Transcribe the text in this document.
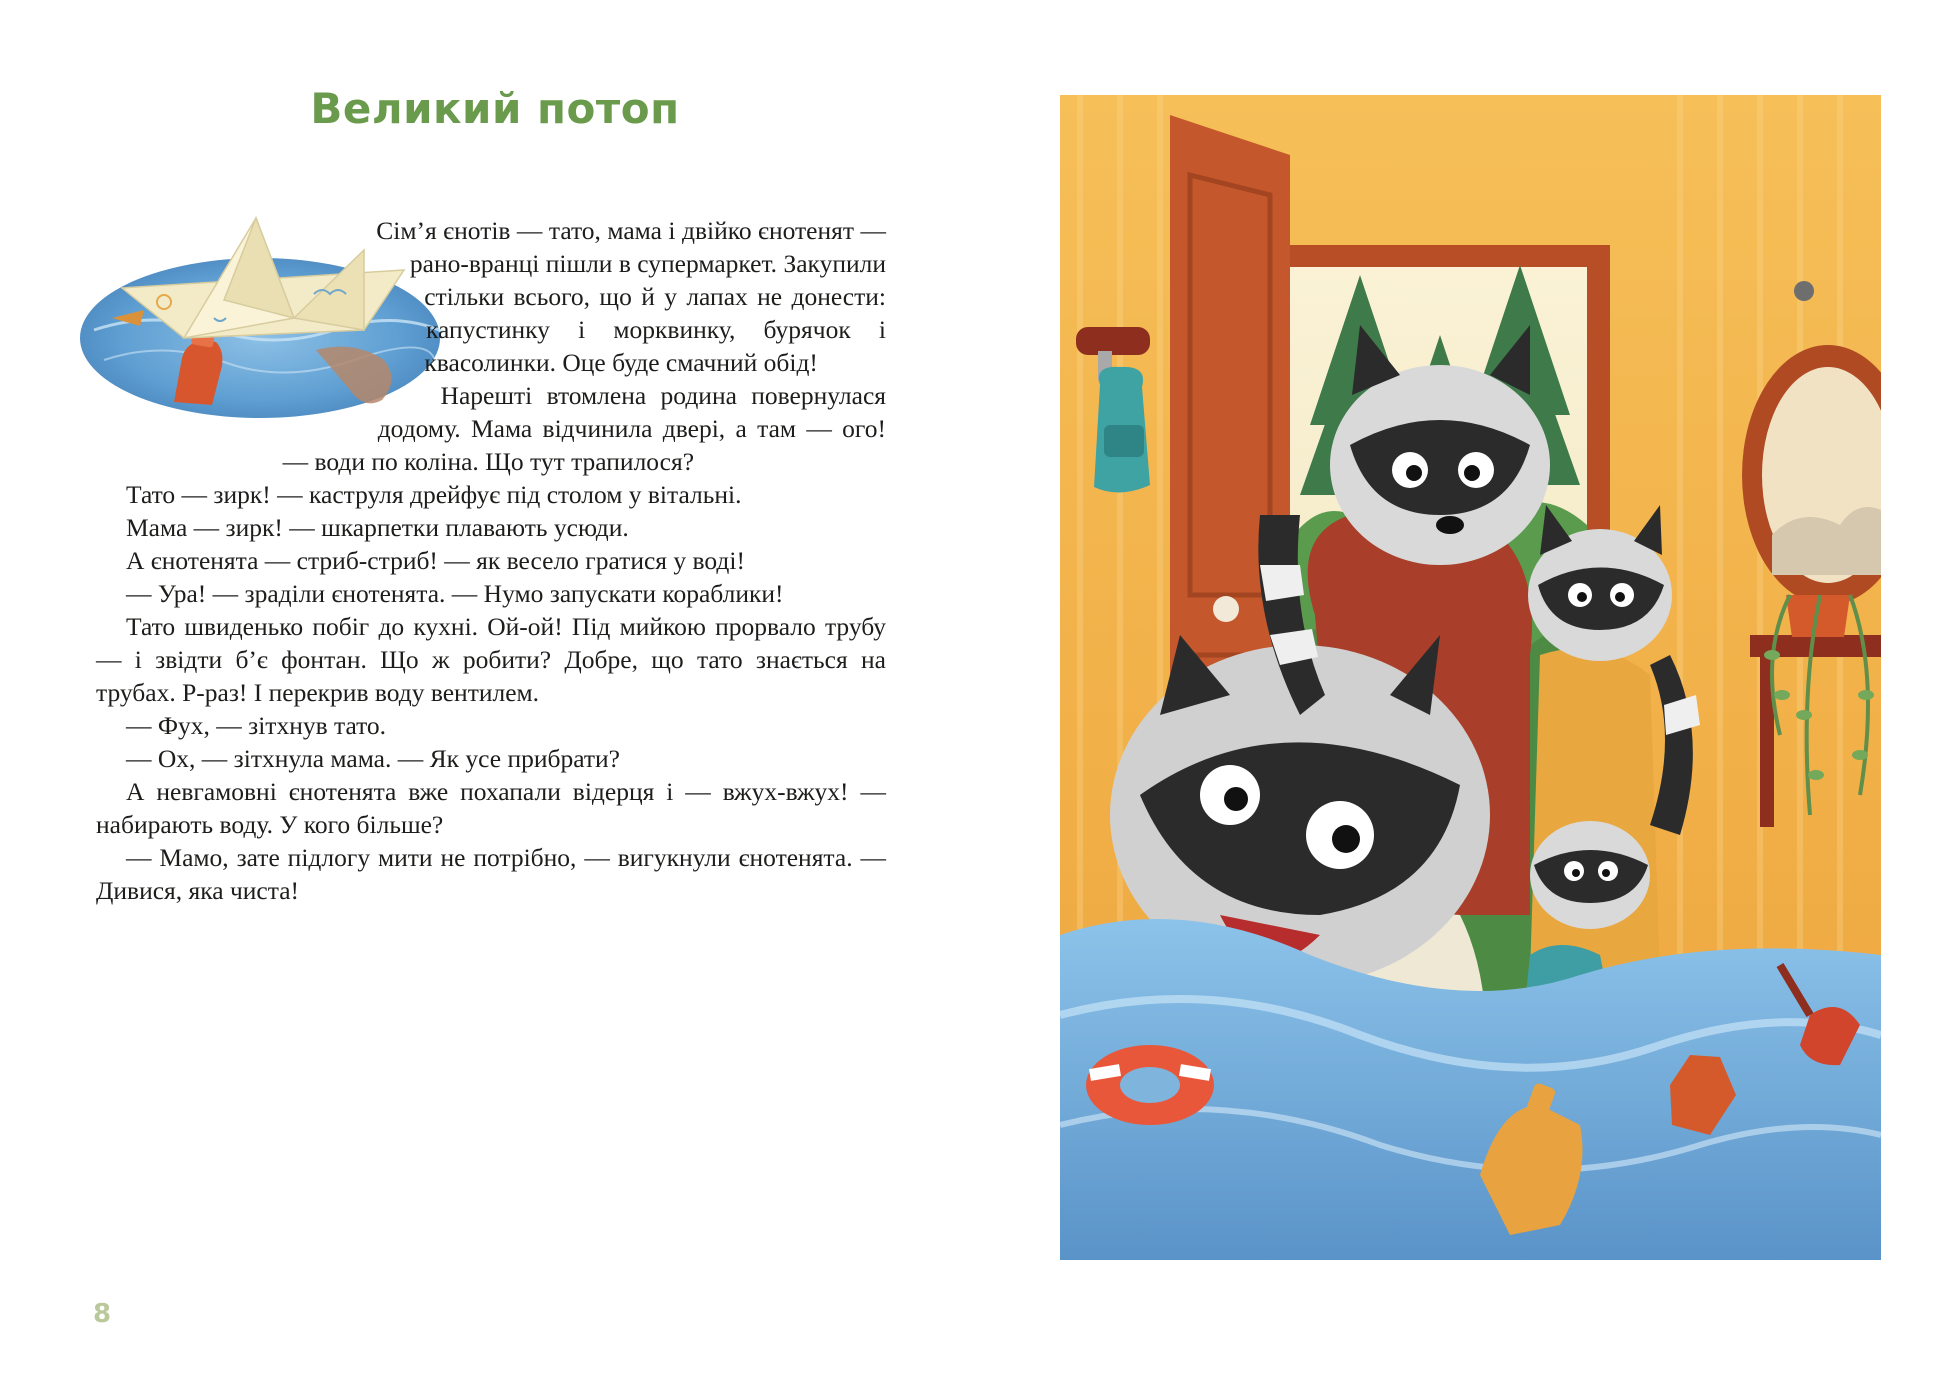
Великий потоп

Сім’я єнотів — тато, мама і двійко єнотенят — рано-вранці пішли в супермаркет. Закупили стільки всього, що й у лапах не донести: капустинку і морквинку, бурячок і квасолинки. Оце буде смачний обід!

Нарешті втомлена родина повернулася додому. Мама відчинила двері, а там — ого! — води по коліна. Що тут трапилося?

Тато — зирк! — каструля дрейфує під столом у вітальні.

Мама — зирк! — шкарпетки плавають усюди.

А єнотенята — стриб-стриб! — як весело гратися у воді!

— Ура! — зраділи єнотенята. — Нумо запускати кораблики!

Тато швиденько побіг до кухні. Ой-ой! Під мийкою прорвало трубу — і звідти б’є фонтан. Що ж робити? Добре, що тато знається на трубах. Р-раз! І перекрив воду вентилем.

— Фух, — зітхнув тато.

— Ох, — зітхнула мама. — Як усе прибрати?

А невгамовні єнотенята вже похапали відерця і — вжух-вжух! — набирають воду. У кого більше?

— Мамо, зате підлогу мити не потрібно, — вигукнули єнотенята. — Дивися, яка чиста!

8
